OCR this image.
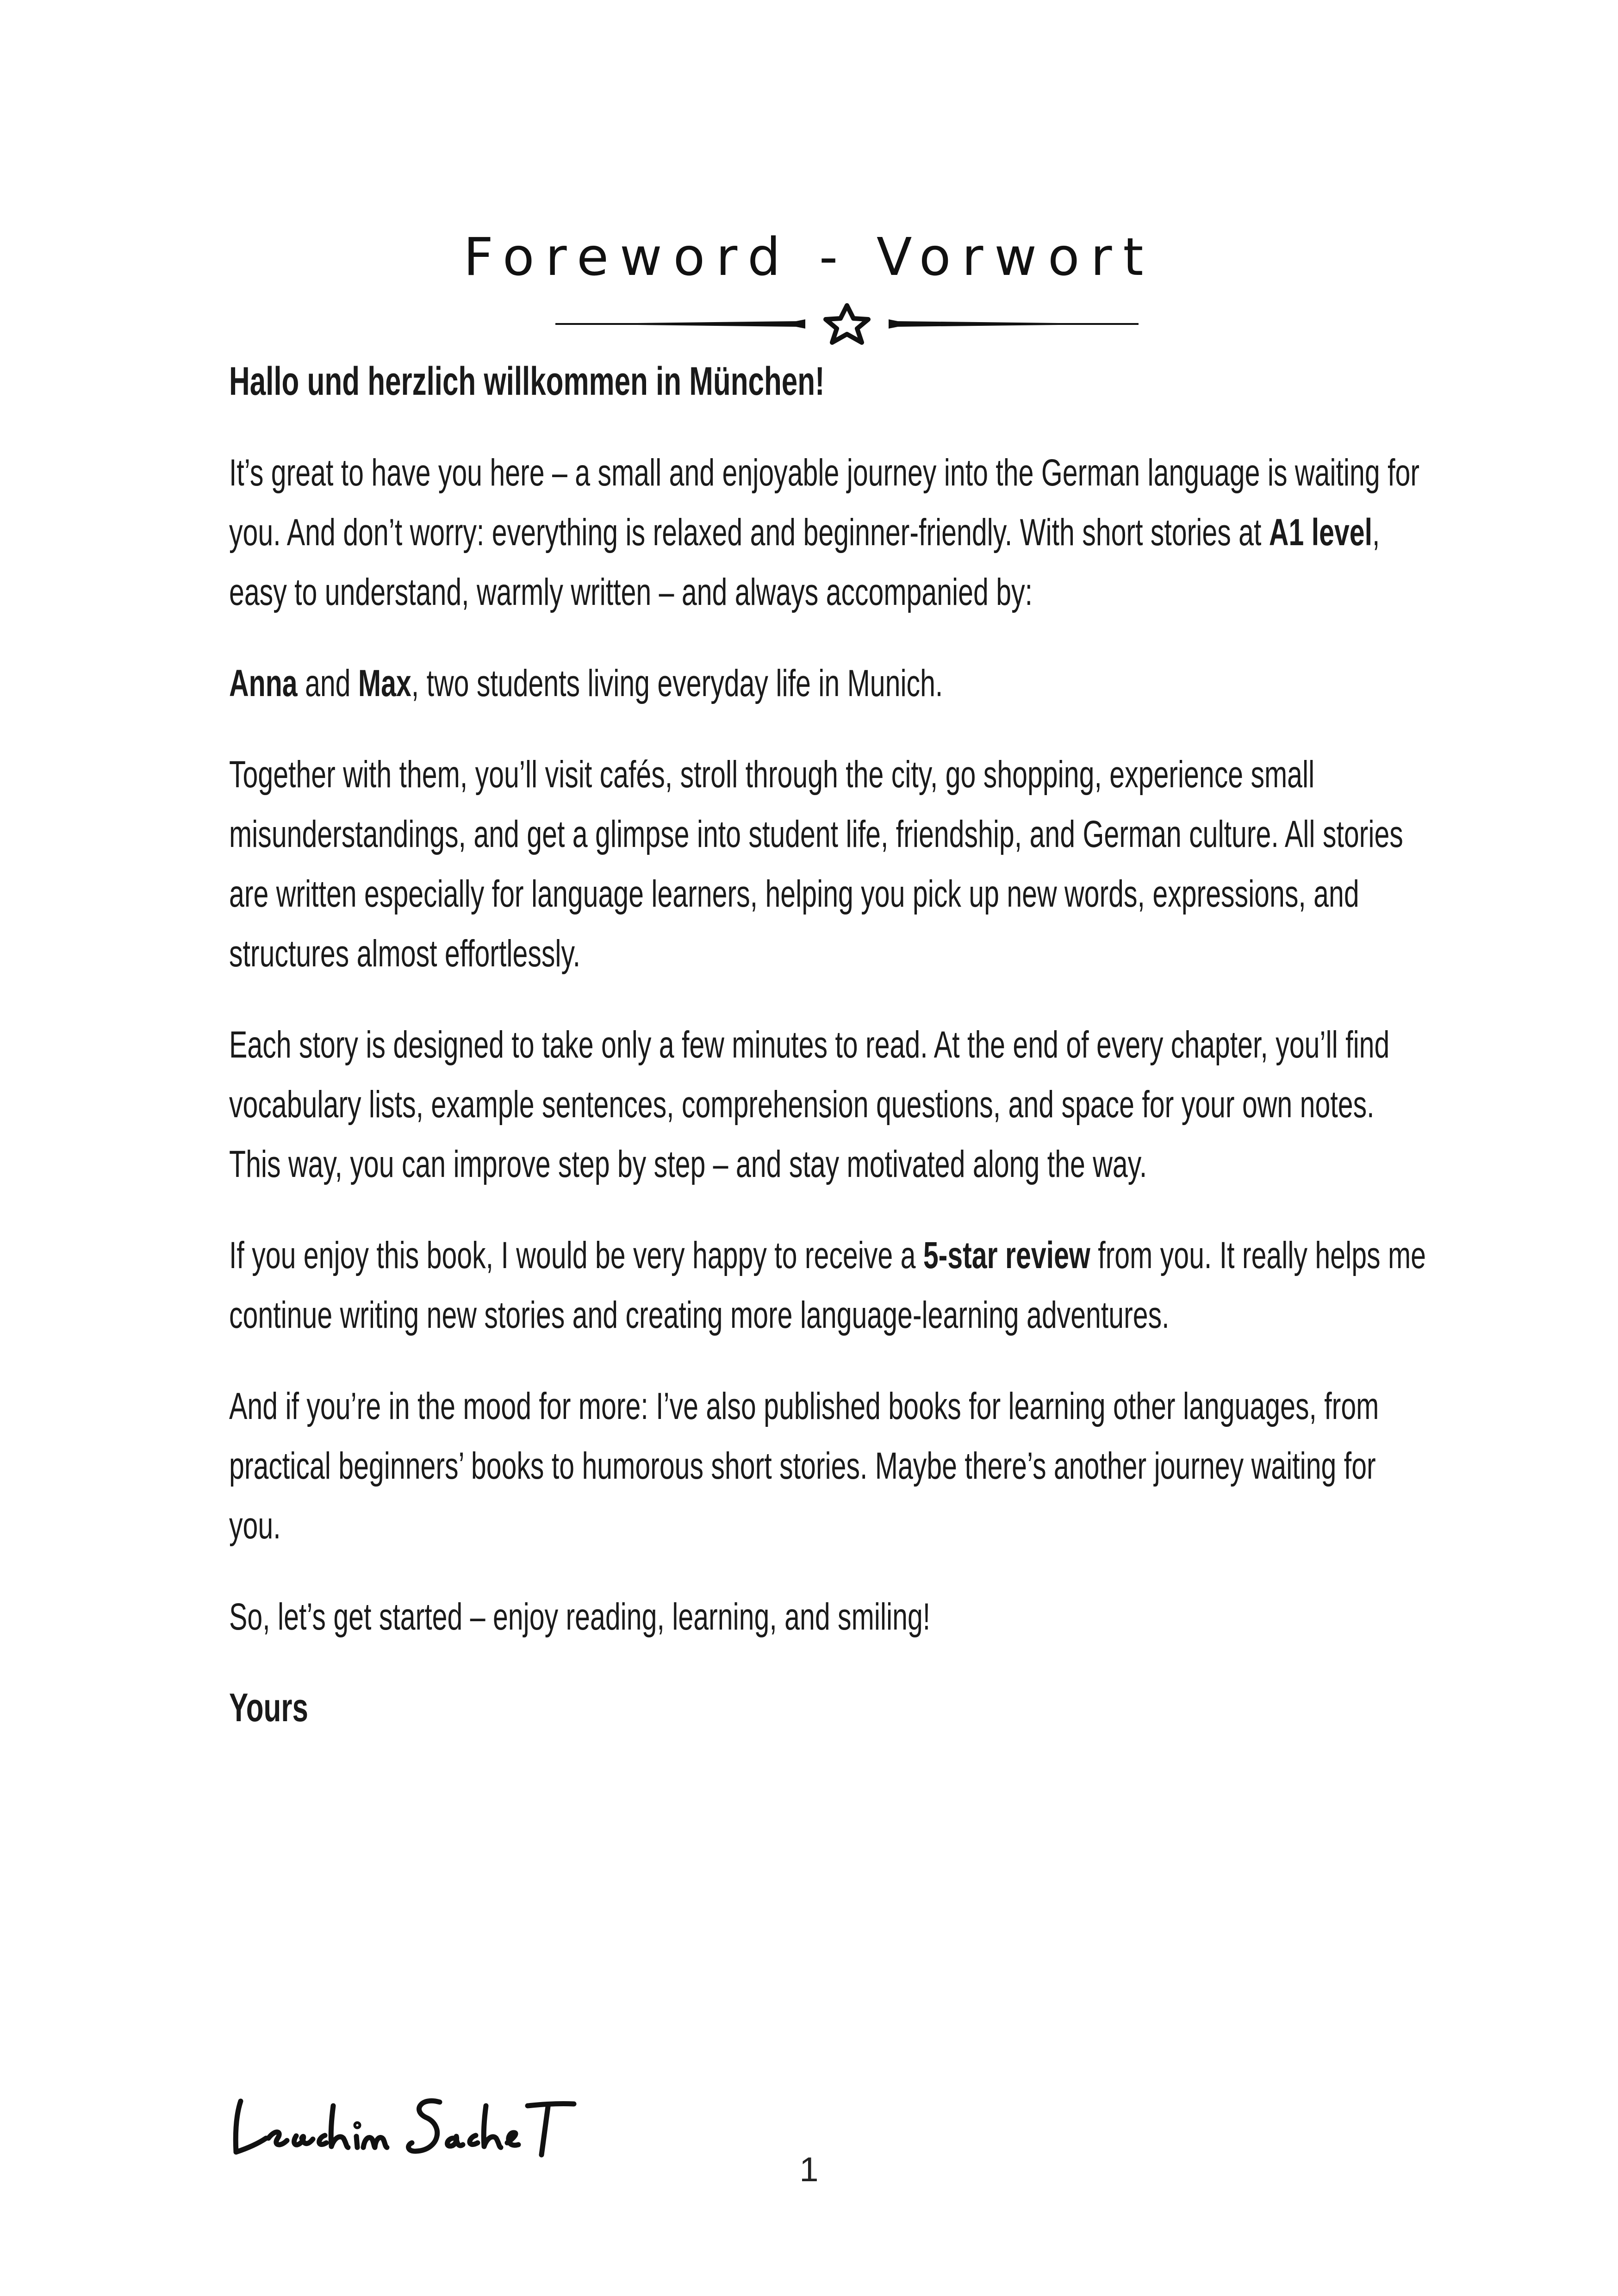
Foreword - Vorwort

Hallo und herzlich willkommen in München!

It’s great to have you here – a small and enjoyable journey into the German language is waiting for you. And don’t worry: everything is relaxed and beginner-friendly. With short stories at A1 level, easy to understand, warmly written – and always accompanied by:

Anna and Max, two students living everyday life in Munich.

Together with them, you’ll visit cafés, stroll through the city, go shopping, experience small misunderstandings, and get a glimpse into student life, friendship, and German culture. All stories are written especially for language learners, helping you pick up new words, expressions, and structures almost effortlessly.

Each story is designed to take only a few minutes to read. At the end of every chapter, you’ll find vocabulary lists, example sentences, comprehension questions, and space for your own notes. This way, you can improve step by step – and stay motivated along the way.

If you enjoy this book, I would be very happy to receive a 5-star review from you. It really helps me continue writing new stories and creating more language-learning adventures.

And if you’re in the mood for more: I’ve also published books for learning other languages, from practical beginners’ books to humorous short stories. Maybe there’s another journey waiting for you.

So, let’s get started – enjoy reading, learning, and smiling!

Yours

1
